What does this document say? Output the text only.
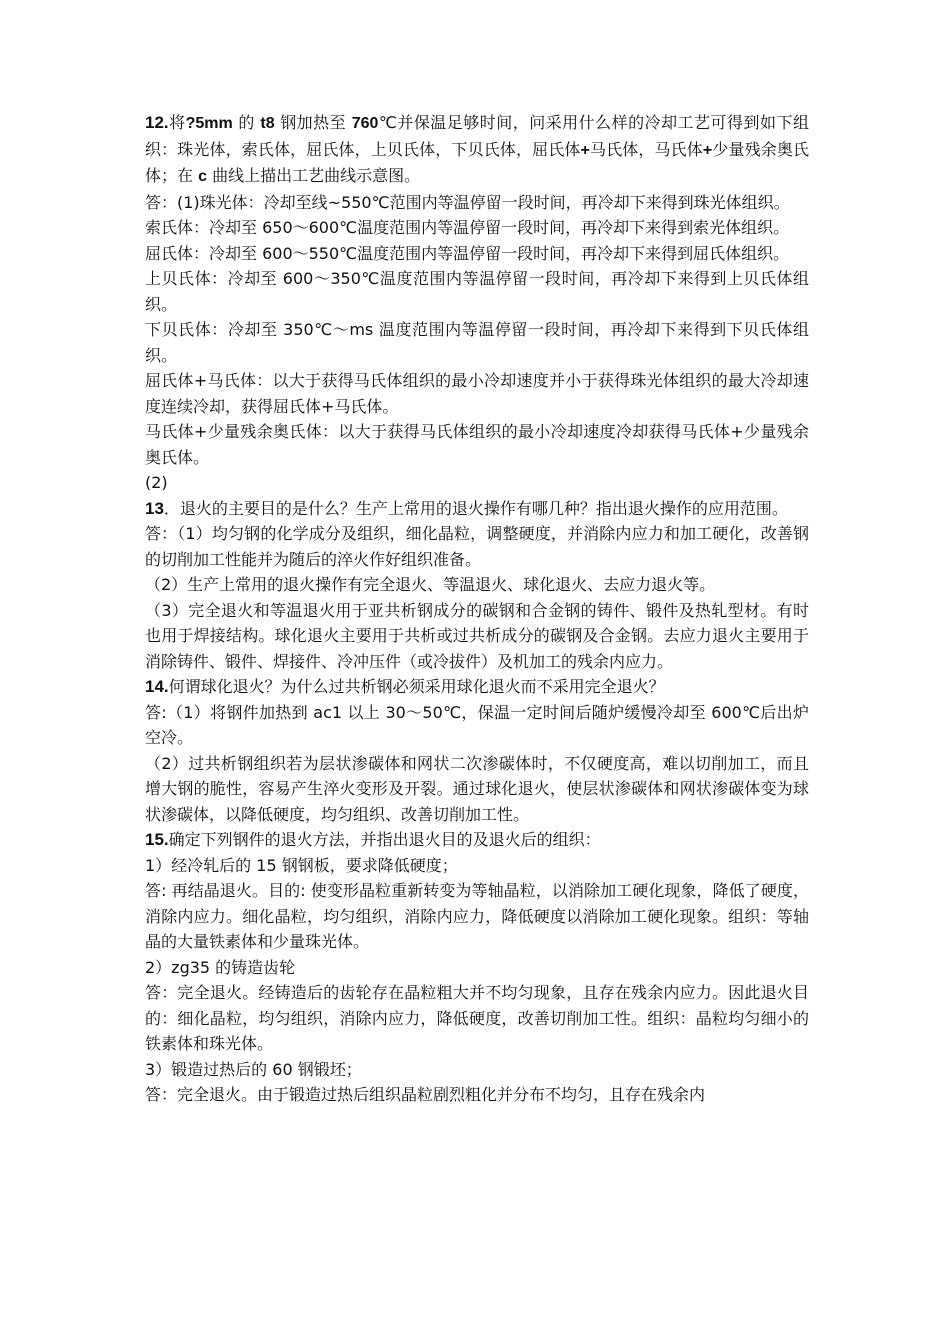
12.将?5mm 的 t8 钢加热至 760℃并保温足够时间，问采用什么样的冷却工艺可得到如下组织：珠光体，索氏体，屈氏体，上贝氏体，下贝氏体，屈氏体+马氏体，马氏体+少量残余奥氏体；在 c 曲线上描出工艺曲线示意图。

答：(1)珠光体：冷却至线~550℃范围内等温停留一段时间，再冷却下来得到珠光体组织。

索氏体：冷却至 650～600℃温度范围内等温停留一段时间，再冷却下来得到索光体组织。

屈氏体：冷却至 600～550℃温度范围内等温停留一段时间，再冷却下来得到屈氏体组织。

上贝氏体：冷却至 600～350℃温度范围内等温停留一段时间，再冷却下来得到上贝氏体组织。

下贝氏体：冷却至 350℃～ms 温度范围内等温停留一段时间，再冷却下来得到下贝氏体组织。

屈氏体+马氏体：以大于获得马氏体组织的最小冷却速度并小于获得珠光体组织的最大冷却速度连续冷却，获得屈氏体+马氏体。

马氏体+少量残余奥氏体：以大于获得马氏体组织的最小冷却速度冷却获得马氏体+少量残余奥氏体。

(2)

13．退火的主要目的是什么？生产上常用的退火操作有哪几种？指出退火操作的应用范围。

答：（1）均匀钢的化学成分及组织，细化晶粒，调整硬度，并消除内应力和加工硬化，改善钢的切削加工性能并为随后的淬火作好组织准备。

（2）生产上常用的退火操作有完全退火、等温退火、球化退火、去应力退火等。

（3）完全退火和等温退火用于亚共析钢成分的碳钢和合金钢的铸件、锻件及热轧型材。有时也用于焊接结构。球化退火主要用于共析或过共析成分的碳钢及合金钢。去应力退火主要用于消除铸件、锻件、焊接件、冷冲压件（或冷拔件）及机加工的残余内应力。

14.何谓球化退火？为什么过共析钢必须采用球化退火而不采用完全退火？

答:（1）将钢件加热到 ac1 以上 30～50℃，保温一定时间后随炉缓慢冷却至 600℃后出炉空冷。

（2）过共析钢组织若为层状渗碳体和网状二次渗碳体时，不仅硬度高，难以切削加工，而且增大钢的脆性，容易产生淬火变形及开裂。通过球化退火，使层状渗碳体和网状渗碳体变为球状渗碳体，以降低硬度，均匀组织、改善切削加工性。

15.确定下列钢件的退火方法，并指出退火目的及退火后的组织：

1）经冷轧后的 15 钢钢板，要求降低硬度；

答: 再结晶退火。目的: 使变形晶粒重新转变为等轴晶粒，以消除加工硬化现象，降低了硬度，消除内应力。细化晶粒，均匀组织，消除内应力，降低硬度以消除加工硬化现象。组织：等轴晶的大量铁素体和少量珠光体。

2）zg35 的铸造齿轮

答：完全退火。经铸造后的齿轮存在晶粒粗大并不均匀现象，且存在残余内应力。因此退火目的：细化晶粒，均匀组织，消除内应力，降低硬度，改善切削加工性。组织：晶粒均匀细小的铁素体和珠光体。

3）锻造过热后的 60 钢锻坯；

答：完全退火。由于锻造过热后组织晶粒剧烈粗化并分布不均匀，且存在残余内
